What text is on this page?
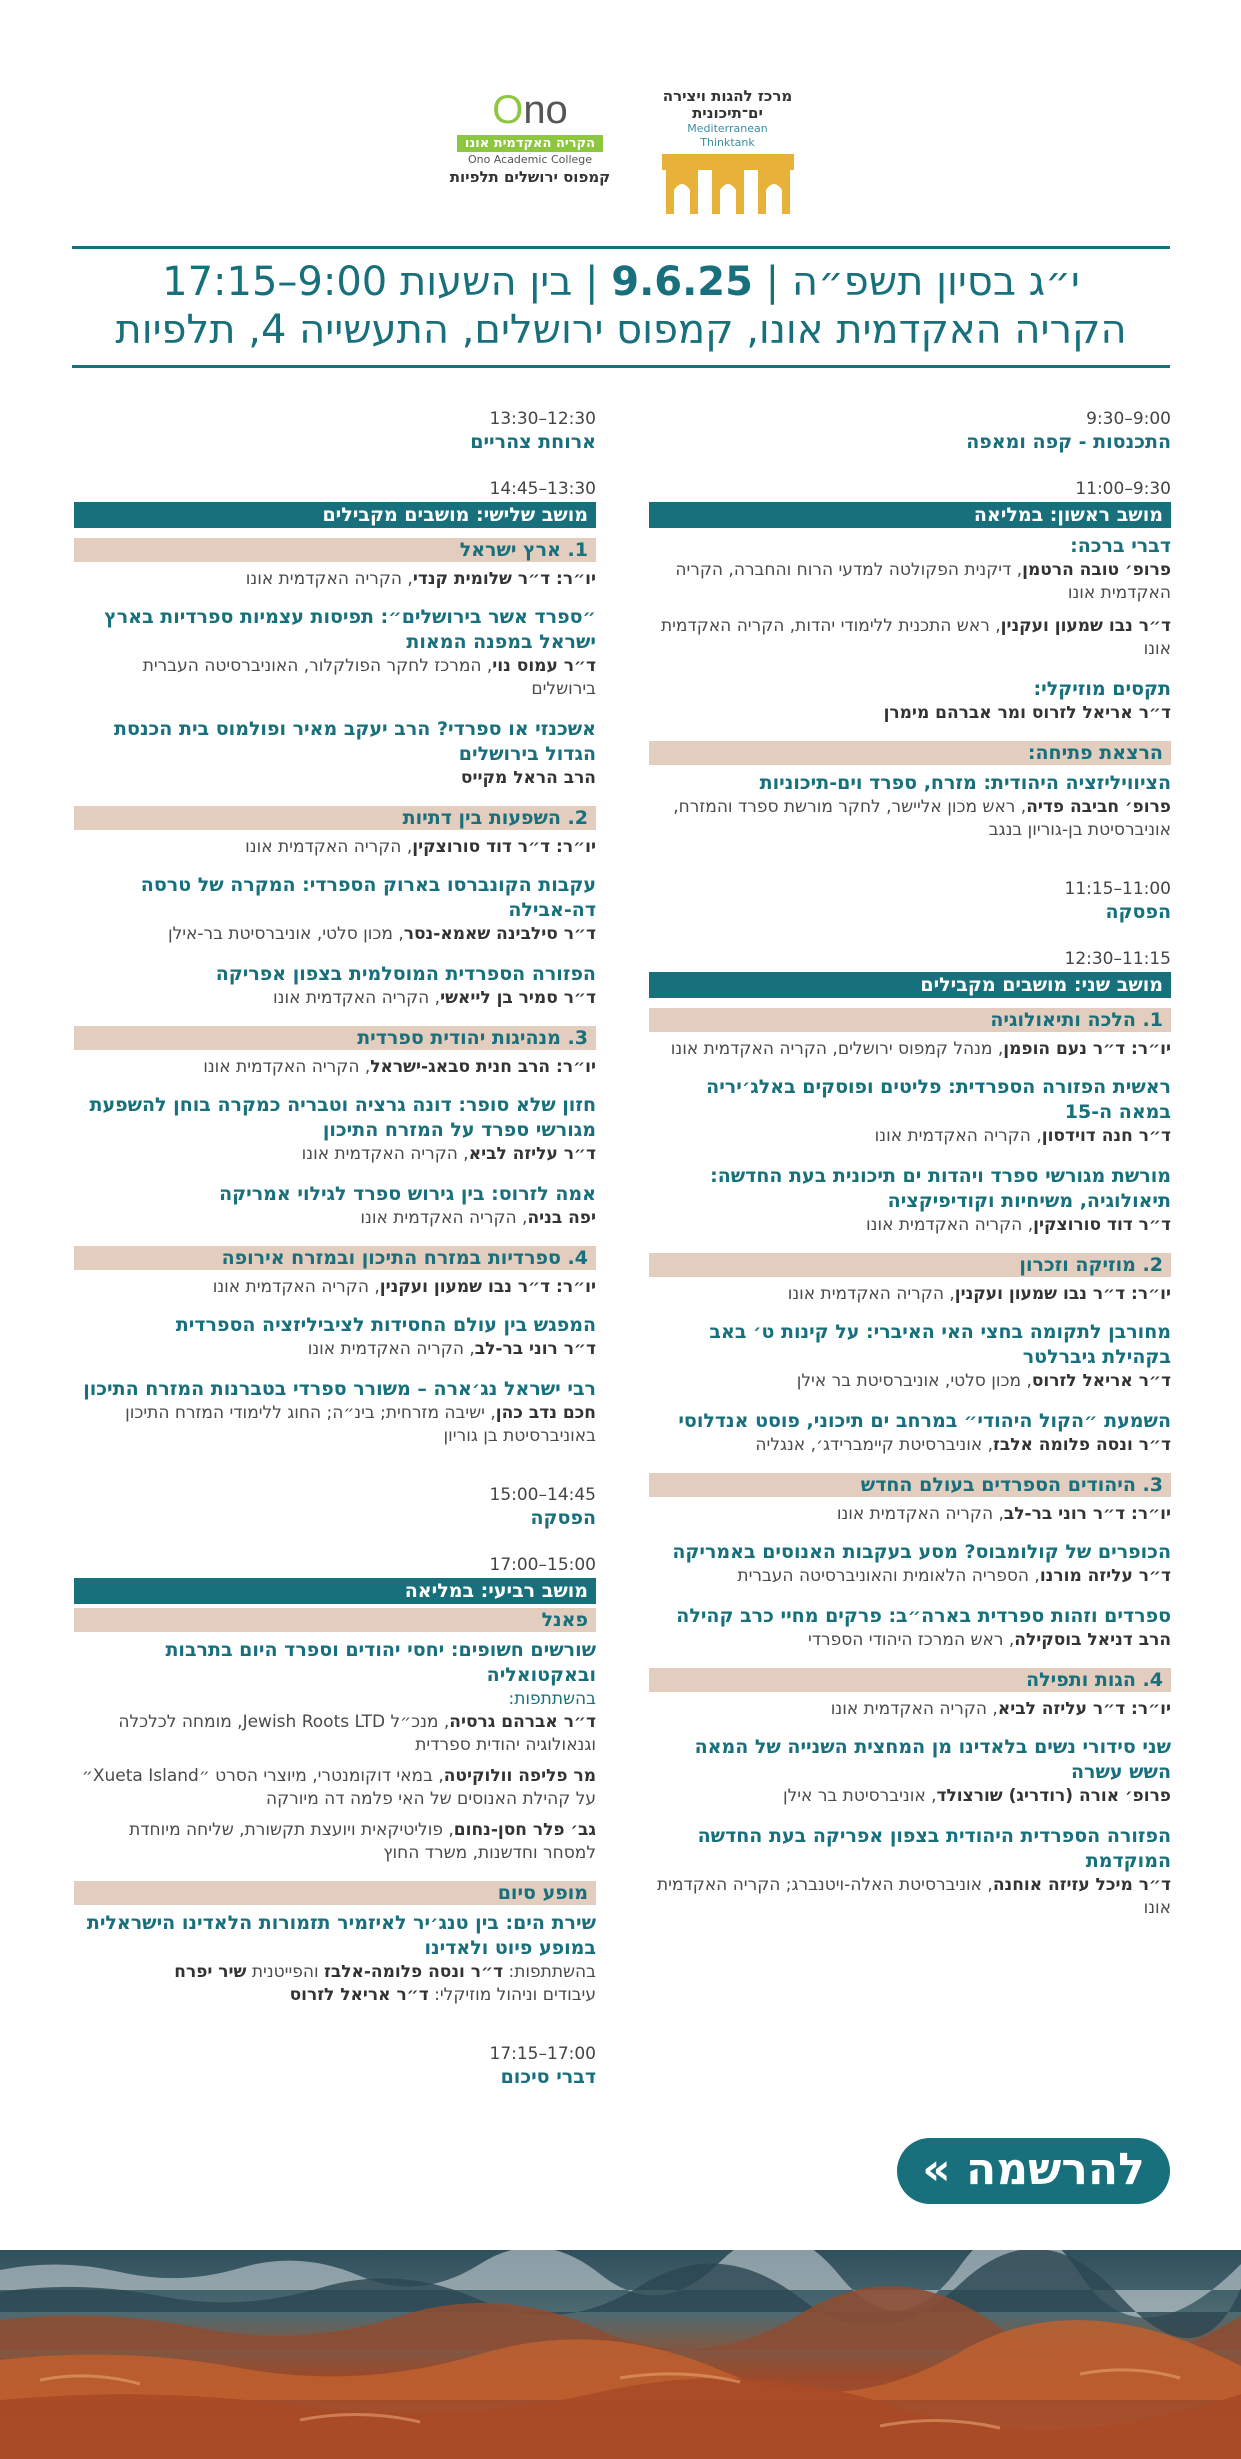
מרכז להגות ויצירה
ים־תיכונית
Mediterranean Thinktank
Ono
הקריה האקדמית אונו
Ono Academic College
קמפוס ירושלים תלפיות
י״ג בסיון תשפ״ה | 9.6.25 | בין השעות 9:00–17:15
הקריה האקדמית אונו, קמפוס ירושלים, התעשייה 4, תלפיות
9:00–9:30
התכנסות - קפה ומאפה
9:30–11:00
מושב ראשון: במליאה
דברי ברכה:
פרופ׳ טובה הרטמן, דיקנית הפקולטה למדעי הרוח והחברה, הקריה האקדמית אונו
ד״ר נבו שמעון ועקנין, ראש התכנית ללימודי יהדות, הקריה האקדמית אונו
תקסים מוזיקלי:
ד״ר אריאל לזרוס ומר אברהם מימרן
הרצאת פתיחה:
הציוויליזציה היהודית: מזרח, ספרד וים-תיכוניות
פרופ׳ חביבה פדיה, ראש מכון אליישר, לחקר מורשת ספרד והמזרח, אוניברסיטת בן-גוריון בנגב
11:00–11:15
הפסקה
11:15–12:30
מושב שני: מושבים מקבילים
1. הלכה ותיאולוגיה
יו״ר: ד״ר נעם הופמן, מנהל קמפוס ירושלים, הקריה האקדמית אונו
ראשית הפזורה הספרדית: פליטים ופוסקים באלג׳יריה במאה ה-15
ד״ר חנה דוידסון, הקריה האקדמית אונו
מורשת מגורשי ספרד ויהדות ים תיכונית בעת החדשה: תיאולוגיה, משיחיות וקודיפיקציה
ד״ר דוד סורוצקין, הקריה האקדמית אונו
2. מוזיקה וזכרון
יו״ר: ד״ר נבו שמעון ועקנין, הקריה האקדמית אונו
מחורבן לתקומה בחצי האי האיברי: על קינות ט׳ באב בקהילת גיברלטר
ד״ר אריאל לזרוס, מכון סלטי, אוניברסיטת בר אילן
השמעת ״הקול היהודי״ במרחב ים תיכוני, פוסט אנדלוסי
ד״ר ונסה פלומה אלבז, אוניברסיטת קיימברידג׳, אנגליה
3. היהודים הספרדים בעולם החדש
יו״ר: ד״ר רוני בר-לב, הקריה האקדמית אונו
הכופרים של קולומבוס? מסע בעקבות האנוסים באמריקה
ד״ר עליזה מורנו, הספריה הלאומית והאוניברסיטה העברית
ספרדים וזהות ספרדית בארה״ב: פרקים מחיי כרב קהילה
הרב דניאל בוסקילה, ראש המרכז היהודי הספרדי
4. הגות ותפילה
יו״ר: ד״ר עליזה לביא, הקריה האקדמית אונו
שני סידורי נשים בלאדינו מן המחצית השנייה של המאה השש עשרה
פרופ׳ אורה (רודריג) שורצולד, אוניברסיטת בר אילן
הפזורה הספרדית היהודית בצפון אפריקה בעת החדשה המוקדמת
ד״ר מיכל עזיזה אוחנה, אוניברסיטת האלה-ויטנברג; הקריה האקדמית אונו
12:30–13:30
ארוחת צהריים
13:30–14:45
מושב שלישי: מושבים מקבילים
1. ארץ ישראל
יו״ר: ד״ר שלומית קנדי, הקריה האקדמית אונו
״ספרד אשר בירושלים״: תפיסות עצמיות ספרדיות בארץ ישראל במפנה המאות
ד״ר עמוס נוי, המרכז לחקר הפולקלור, האוניברסיטה העברית בירושלים
אשכנזי או ספרדי? הרב יעקב מאיר ופולמוס בית הכנסת הגדול בירושלים
הרב הראל מקייס
2. השפעות בין דתיות
יו״ר: ד״ר דוד סורוצקין, הקריה האקדמית אונו
עקבות הקונברסו בארוק הספרדי: המקרה של טרסה דה-אבילה
ד״ר סילבינה שאמא-נסר, מכון סלטי, אוניברסיטת בר-אילן
הפזורה הספרדית המוסלמית בצפון אפריקה
ד״ר סמיר בן לייאשי, הקריה האקדמית אונו
3. מנהיגות יהודית ספרדית
יו״ר: הרב חנית סבאג-ישראל, הקריה האקדמית אונו
חזון שלא סופר: דונה גרציה וטבריה כמקרה בוחן להשפעת מגורשי ספרד על המזרח התיכון
ד״ר עליזה לביא, הקריה האקדמית אונו
אמה לזרוס: בין גירוש ספרד לגילוי אמריקה
יפה בניה, הקריה האקדמית אונו
4. ספרדיות במזרח התיכון ובמזרח אירופה
יו״ר: ד״ר נבו שמעון ועקנין, הקריה האקדמית אונו
המפגש בין עולם החסידות לציביליזציה הספרדית
ד״ר רוני בר-לב, הקריה האקדמית אונו
רבי ישראל נג׳ארה – משורר ספרדי בטברנות המזרח התיכון
חכם נדב כהן, ישיבה מזרחית; בינ״ה; החוג ללימודי המזרח התיכון באוניברסיטת בן גוריון
14:45–15:00
הפסקה
15:00–17:00
מושב רביעי: במליאה
פאנל
שורשים חשופים: יחסי יהודים וספרד היום בתרבות ובאקטואליה
בהשתתפות:
ד״ר אברהם גרסיה, מנכ״ל Jewish Roots LTD, מומחה לכלכלה וגנאולוגיה יהודית ספרדית
מר פליפה וולוקיטה, במאי דוקומנטרי, מיוצרי הסרט ״Xueta Island״ על קהילת האנוסים של האי פלמה דה מיורקה
גב׳ פלר חסן-נחום, פוליטיקאית ויועצת תקשורת, שליחה מיוחדת למסחר וחדשנות, משרד החוץ
מופע סיום
שירת הים: בין טנג׳יר לאיזמיר תזמורות הלאדינו הישראלית במופע פיוט ולאדינו
בהשתתפות: ד״ר ונסה פלומה-אלבז והפייטנית שיר יפרח
עיבודים וניהול מוזיקלי: ד״ר אריאל לזרוס
17:00–17:15
דברי סיכום
להרשמה »
